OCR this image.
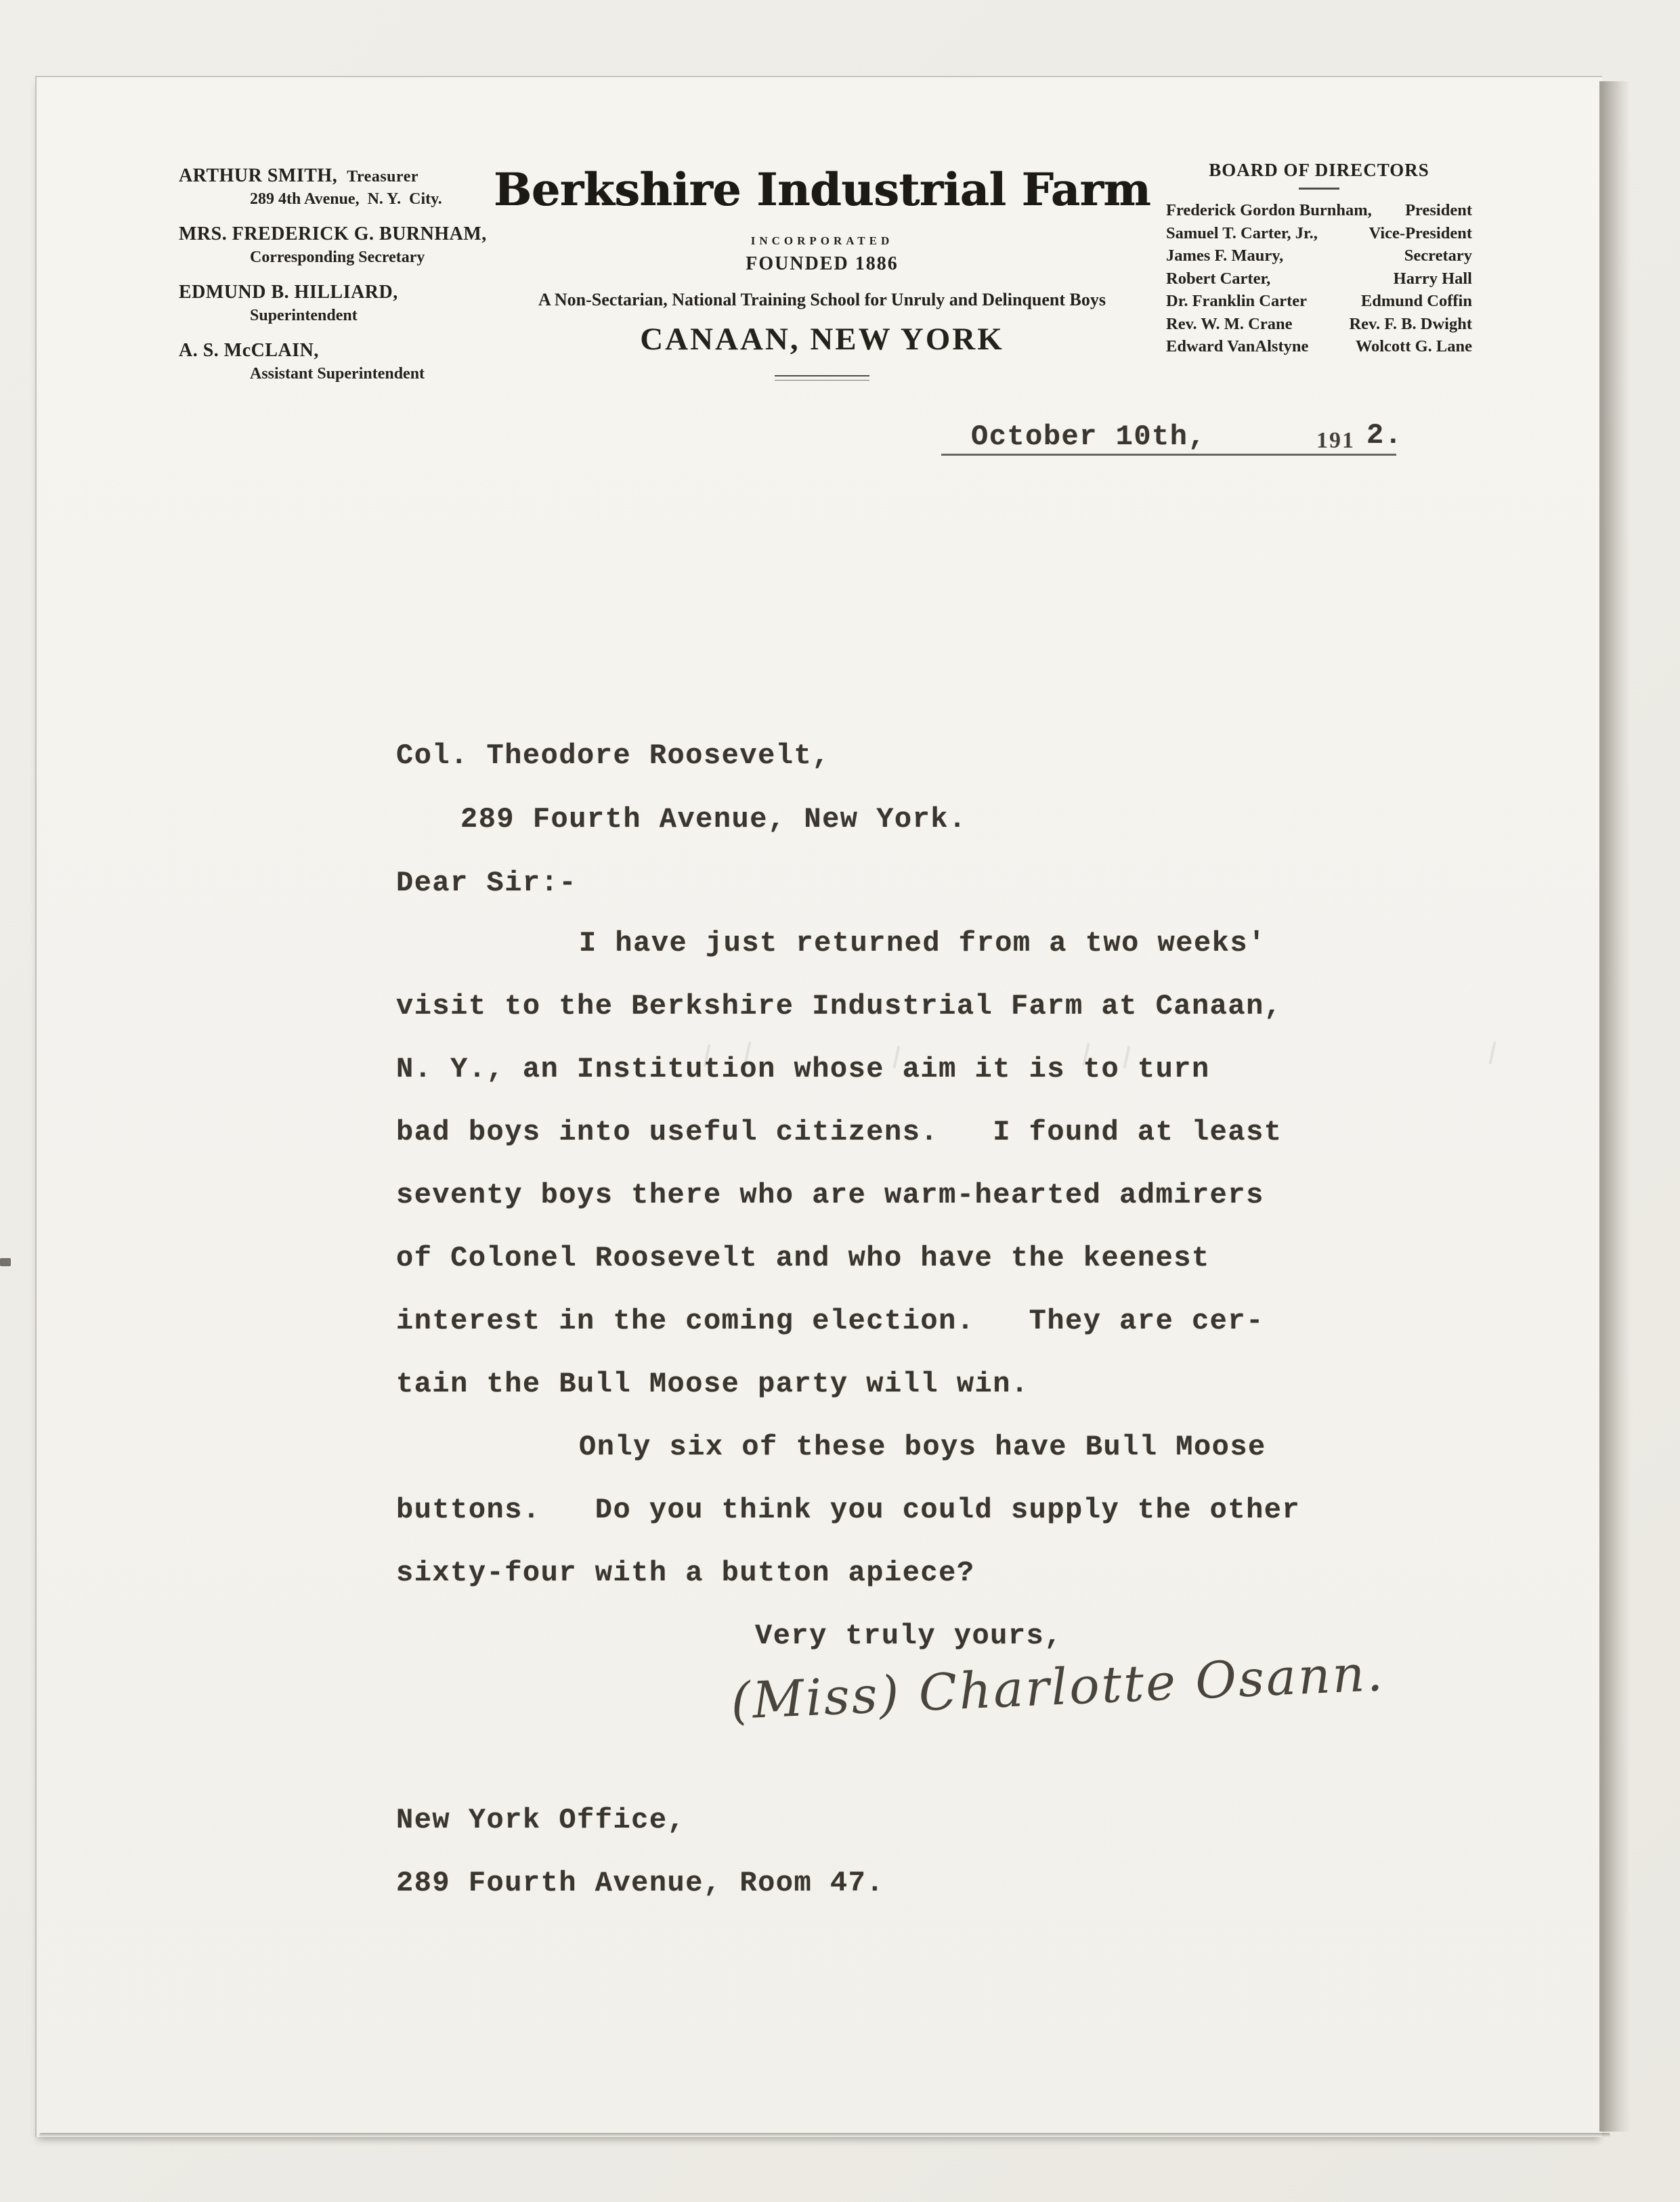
ARTHUR SMITH, Treasurer
289 4th Avenue,  N. Y.  City.
MRS. FREDERICK G. BURNHAM,
Corresponding Secretary
EDMUND B. HILLIARD,
Superintendent
A. S. McCLAIN,
Assistant Superintendent
Berkshire Industrial Farm
INCORPORATED
FOUNDED 1886
A Non-Sectarian, National Training School for Unruly and Delinquent Boys
CANAAN, NEW YORK
BOARD OF DIRECTORS
Frederick Gordon Burnham, President
Samuel T. Carter, Jr.,	Vice-President
James F. Maury,	Secretary
Robert Carter,	Harry Hall
Dr. Franklin Carter	Edmund Coffin
Rev. W. M. Crane	Rev. F. B. Dwight
Edward VanAlstyne	Wolcott G. Lane
October 10th,	191 2.
Col. Theodore Roosevelt,
289 Fourth Avenue, New York.
Dear Sir:-
I have just returned from a two weeks'
visit to the Berkshire Industrial Farm at Canaan,
N. Y., an Institution whose aim it is to turn
bad boys into useful citizens.   I found at least
seventy boys there who are warm-hearted admirers
of Colonel Roosevelt and who have the keenest
interest in the coming election.   They are cer-
tain the Bull Moose party will win.
Only six of these boys have Bull Moose
buttons.   Do you think you could supply the other
sixty-four with a button apiece?
Very truly yours,
(Miss) Charlotte Osann.
New York Office,
289 Fourth Avenue, Room 47.
